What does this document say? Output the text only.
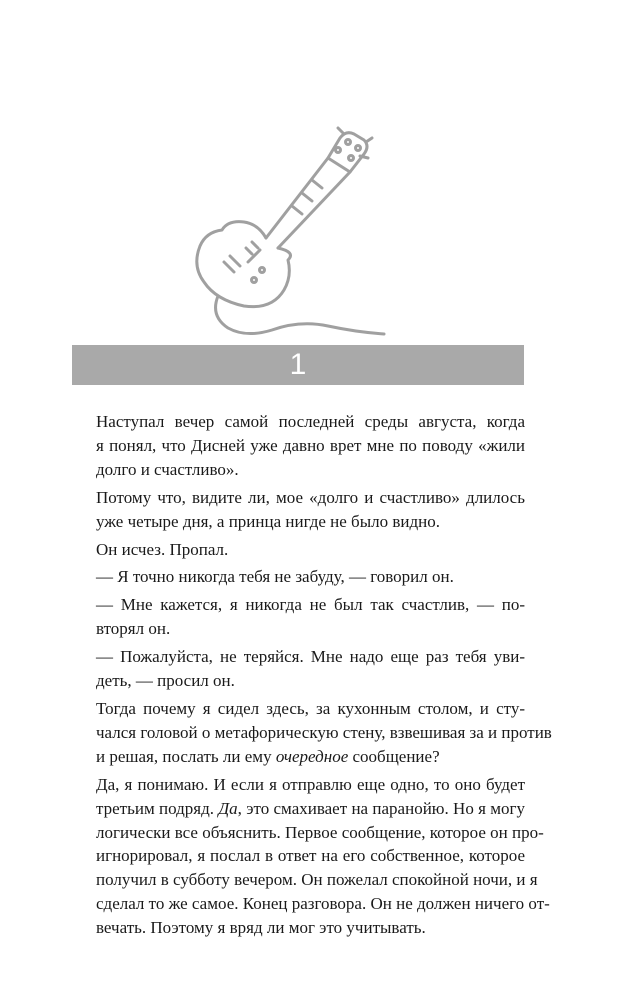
1
Наступал вечер самой последней среды августа, когда
я понял, что Дисней уже давно врет мне по поводу «жили
долго и счастливо».
Потому что, видите ли, мое «долго и счастливо» длилось
уже четыре дня, а принца нигде не было видно.
Он исчез. Пропал.
— Я точно никогда тебя не забуду, — говорил он.
— Мне кажется, я никогда не был так счастлив, — по-
вторял он.
— Пожалуйста, не теряйся. Мне надо еще раз тебя уви-
деть, — просил он.
Тогда почему я сидел здесь, за кухонным столом, и сту-
чался головой о метафорическую стену, взвешивая за и против
и решая, послать ли ему очередное сообщение?
Да, я понимаю. И если я отправлю еще одно, то оно будет
третьим подряд. Да, это смахивает на паранойю. Но я могу
логически все объяснить. Первое сообщение, которое он про-
игнорировал, я послал в ответ на его собственное, которое
получил в субботу вечером. Он пожелал спокойной ночи, и я
сделал то же самое. Конец разговора. Он не должен ничего от-
вечать. Поэтому я вряд ли мог это учитывать.
